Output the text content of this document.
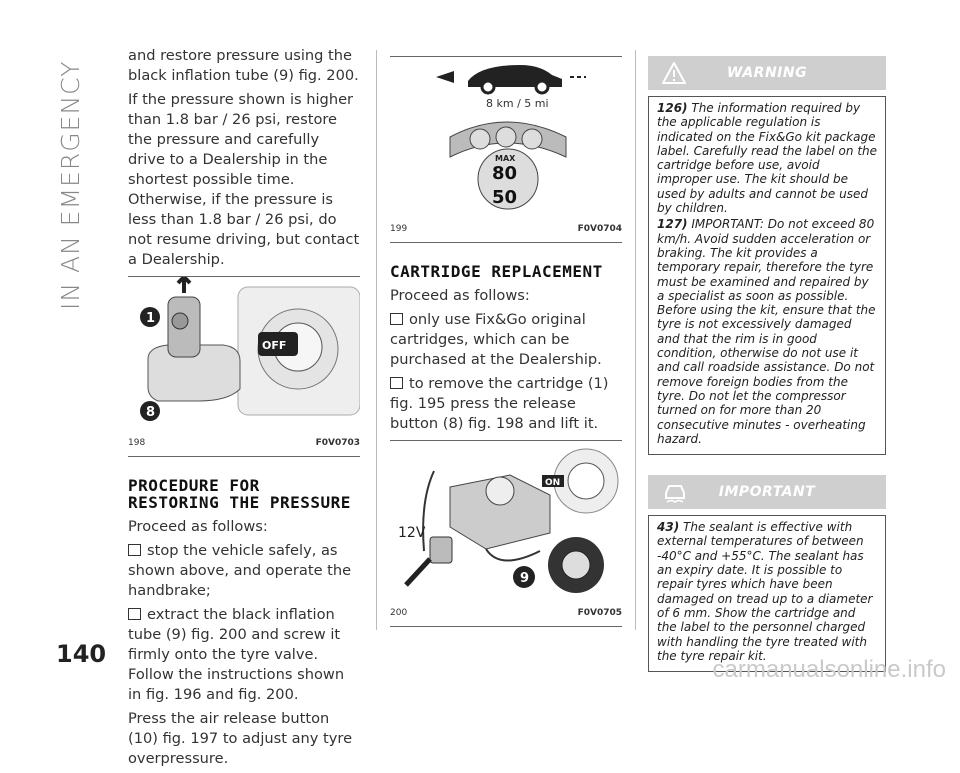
IN AN EMERGENCY
140

and restore pressure using the black inflation tube (9) fig. 200.

If the pressure shown is higher than 1.8 bar / 26 psi, restore the pressure and carefully drive to a Dealership in the shortest possible time. Otherwise, if the pressure is less than 1.8 bar / 26 psi, do not resume driving, but contact a Dealership.

OFF
1
8
198	F0V0703
PROCEDURE FOR RESTORING THE PRESSURE

Proceed as follows:

stop the vehicle safely, as shown above, and operate the handbrake;

extract the black inflation tube (9) fig. 200 and screw it firmly onto the tyre valve. Follow the instructions shown in fig. 196 and fig. 200.

Press the air release button (10) fig. 197 to adjust any tyre overpressure.

8 km / 5 mi
MAX
80
50
199	F0V0704
CARTRIDGE REPLACEMENT

Proceed as follows:

only use Fix&Go original cartridges, which can be purchased at the Dealership.

to remove the cartridge (1) fig. 195 press the release button (8) fig. 198 and lift it.

ON
12V
9
200	F0V0705
WARNING

126) The information required by the applicable regulation is indicated on the Fix&Go kit package label. Carefully read the label on the cartridge before use, avoid improper use. The kit should be used by adults and cannot be used by children.

127) IMPORTANT: Do not exceed 80 km/h. Avoid sudden acceleration or braking. The kit provides a temporary repair, therefore the tyre must be examined and repaired by a specialist as soon as possible. Before using the kit, ensure that the tyre is not excessively damaged and that the rim is in good condition, otherwise do not use it and call roadside assistance. Do not remove foreign bodies from the tyre. Do not let the compressor turned on for more than 20 consecutive minutes - overheating hazard.

IMPORTANT

43) The sealant is effective with external temperatures of between -40°C and +55°C. The sealant has an expiry date. It is possible to repair tyres which have been damaged on tread up to a diameter of 6 mm. Show the cartridge and the label to the personnel charged with handling the tyre treated with the tyre repair kit.

carmanualsonline.info
